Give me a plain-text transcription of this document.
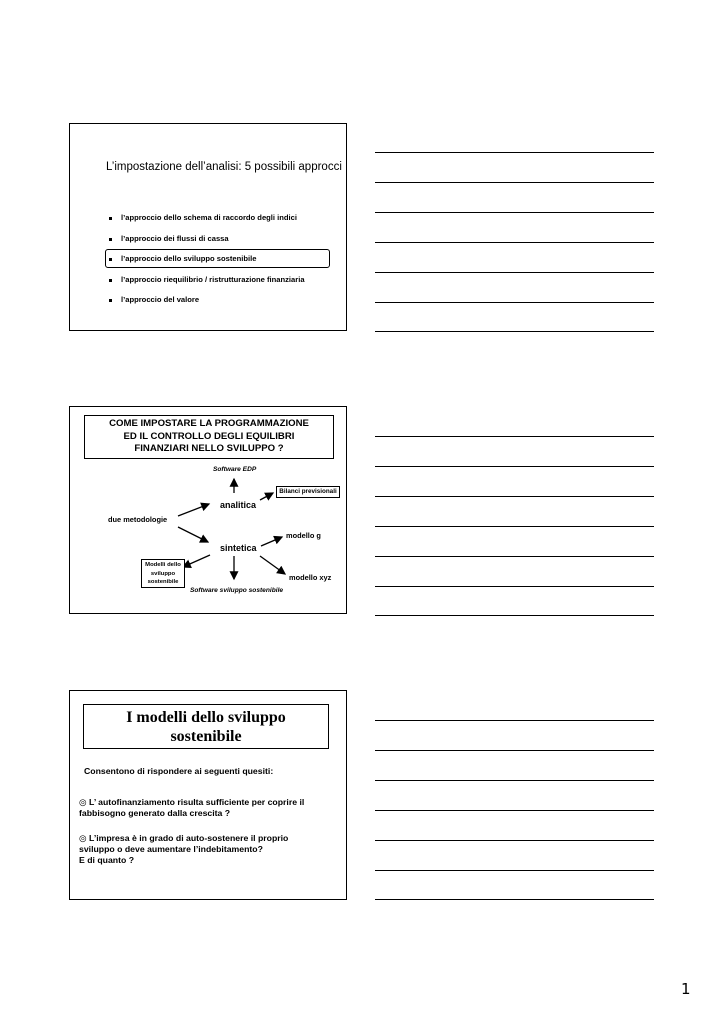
L’impostazione dell’analisi: 5 possibili approcci
l’approccio dello schema di raccordo degli indici
l’approccio dei flussi di cassa
l’approccio dello sviluppo sostenibile
l’approccio riequilibrio / ristrutturazione finanziaria
l’approccio del valore
COME IMPOSTARE LA PROGRAMMAZIONE
ED IL CONTROLLO DEGLI EQUILIBRI
FINANZIARI NELLO SVILUPPO ?
Software EDP
Bilanci previsionali
analitica
due metodologie
modello g
sintetica
Modelli dello
sviluppo
sostenibile	modello xyz
Software sviluppo sostenibile
I modelli dello sviluppo
sostenibile
Consentono di rispondere ai seguenti quesiti:
◎ L’ autofinanziamento risulta sufficiente per coprire il
fabbisogno generato dalla crescita ?
◎ L’impresa è in grado di auto-sostenere il proprio
sviluppo o deve aumentare l’indebitamento?
E di quanto ?
1
